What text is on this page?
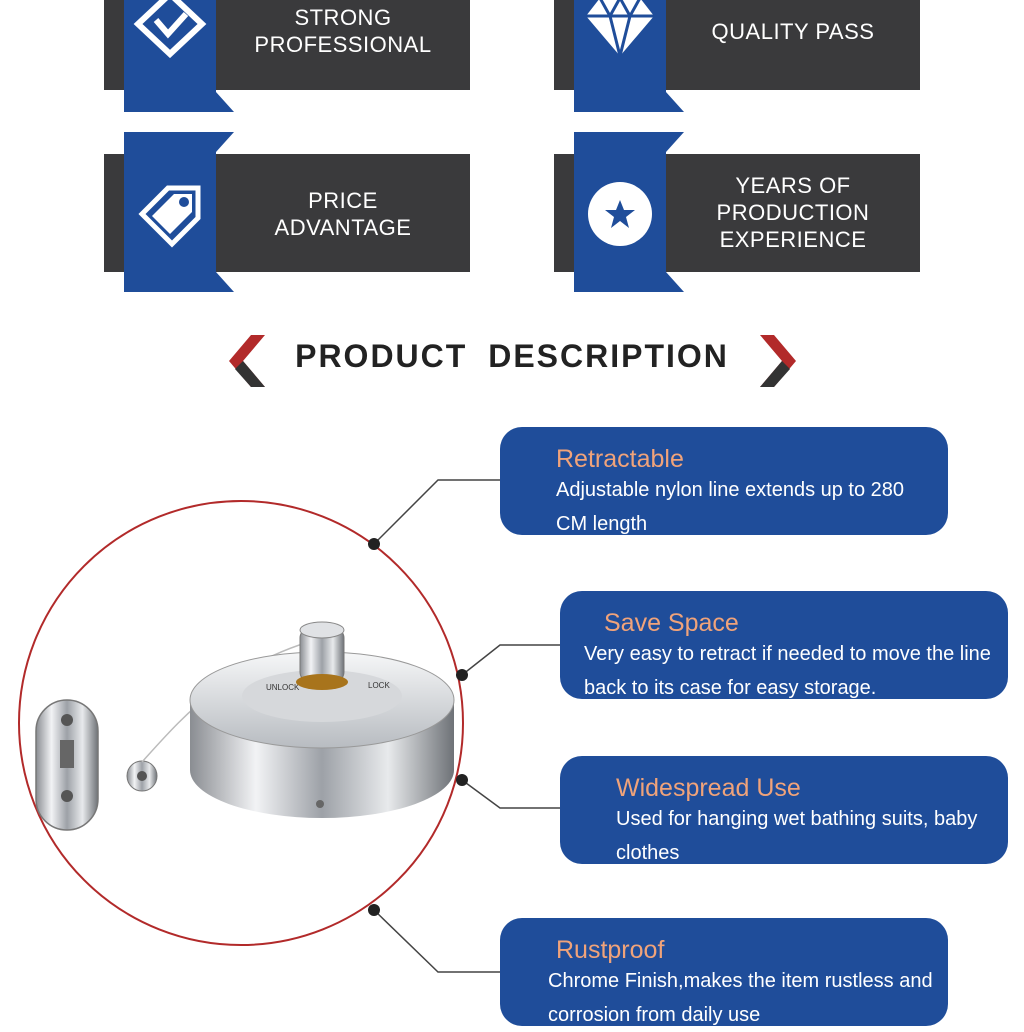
STRONG
PROFESSIONAL
QUALITY PASS
PRICE
ADVANTAGE
YEARS OF
PRODUCTION
EXPERIENCE
PRODUCT DESCRIPTION
UNLOCK	LOCK
Retractable
Adjustable nylon line extends up to 280 CM length
Save Space
Very easy to retract if needed to move the line back to its case for easy storage.
Widespread Use
Used for hanging wet bathing suits, baby clothes
Rustproof
Chrome Finish,makes the item rustless and corrosion from daily use
